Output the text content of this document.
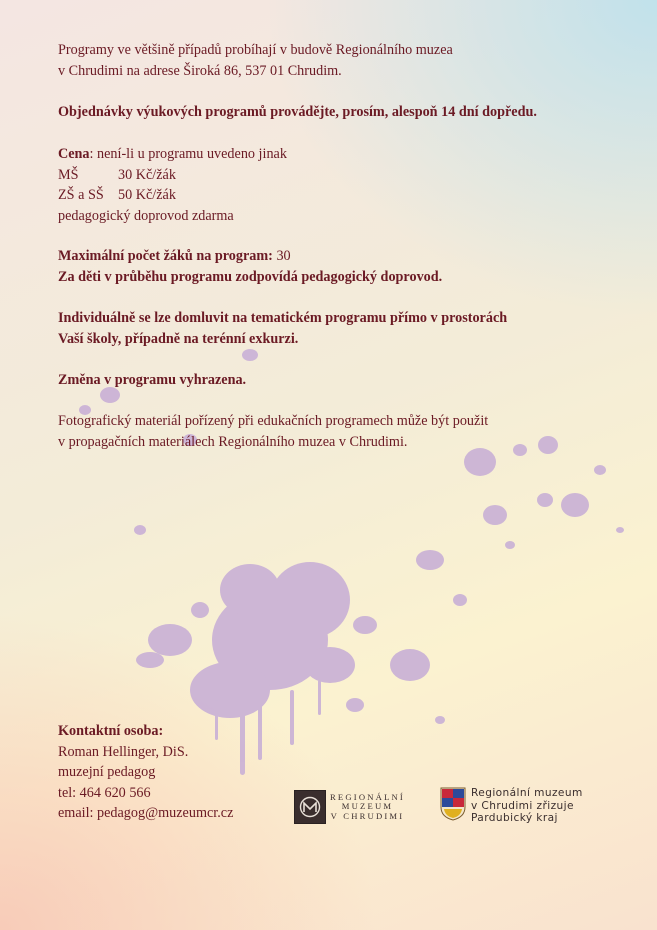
Programy ve většině případů probíhají v budově Regionálního muzea
v Chrudimi na adrese Široká 86, 537 01 Chrudim.
Objednávky výukových programů provádějte, prosím, alespoň 14 dní dopředu.
Cena: není-li u programu uvedeno jinak
MŠ	30 Kč/žák
ZŠ a SŠ 50 Kč/žák
pedagogický doprovod zdarma
Maximální počet žáků na program: 30
Za děti v průběhu programu zodpovídá pedagogický doprovod.
Individuálně se lze domluvit na tematickém programu přímo v prostorách
Vaší školy, případně na terénní exkurzi.
Změna v programu vyhrazena.
Fotografický materiál pořízený při edukačních programech může být použit
v propagačních materiálech Regionálního muzea v Chrudimi.
Kontaktní osoba:
Roman Hellinger, DiS.
muzejní pedagog
tel: 464 620 566
email: pedagog@muzeumcr.cz
REGIONÁLNÍ
MUZEUM
V CHRUDIMI
Regionální muzeum
v Chrudimi zřizuje
Pardubický kraj
